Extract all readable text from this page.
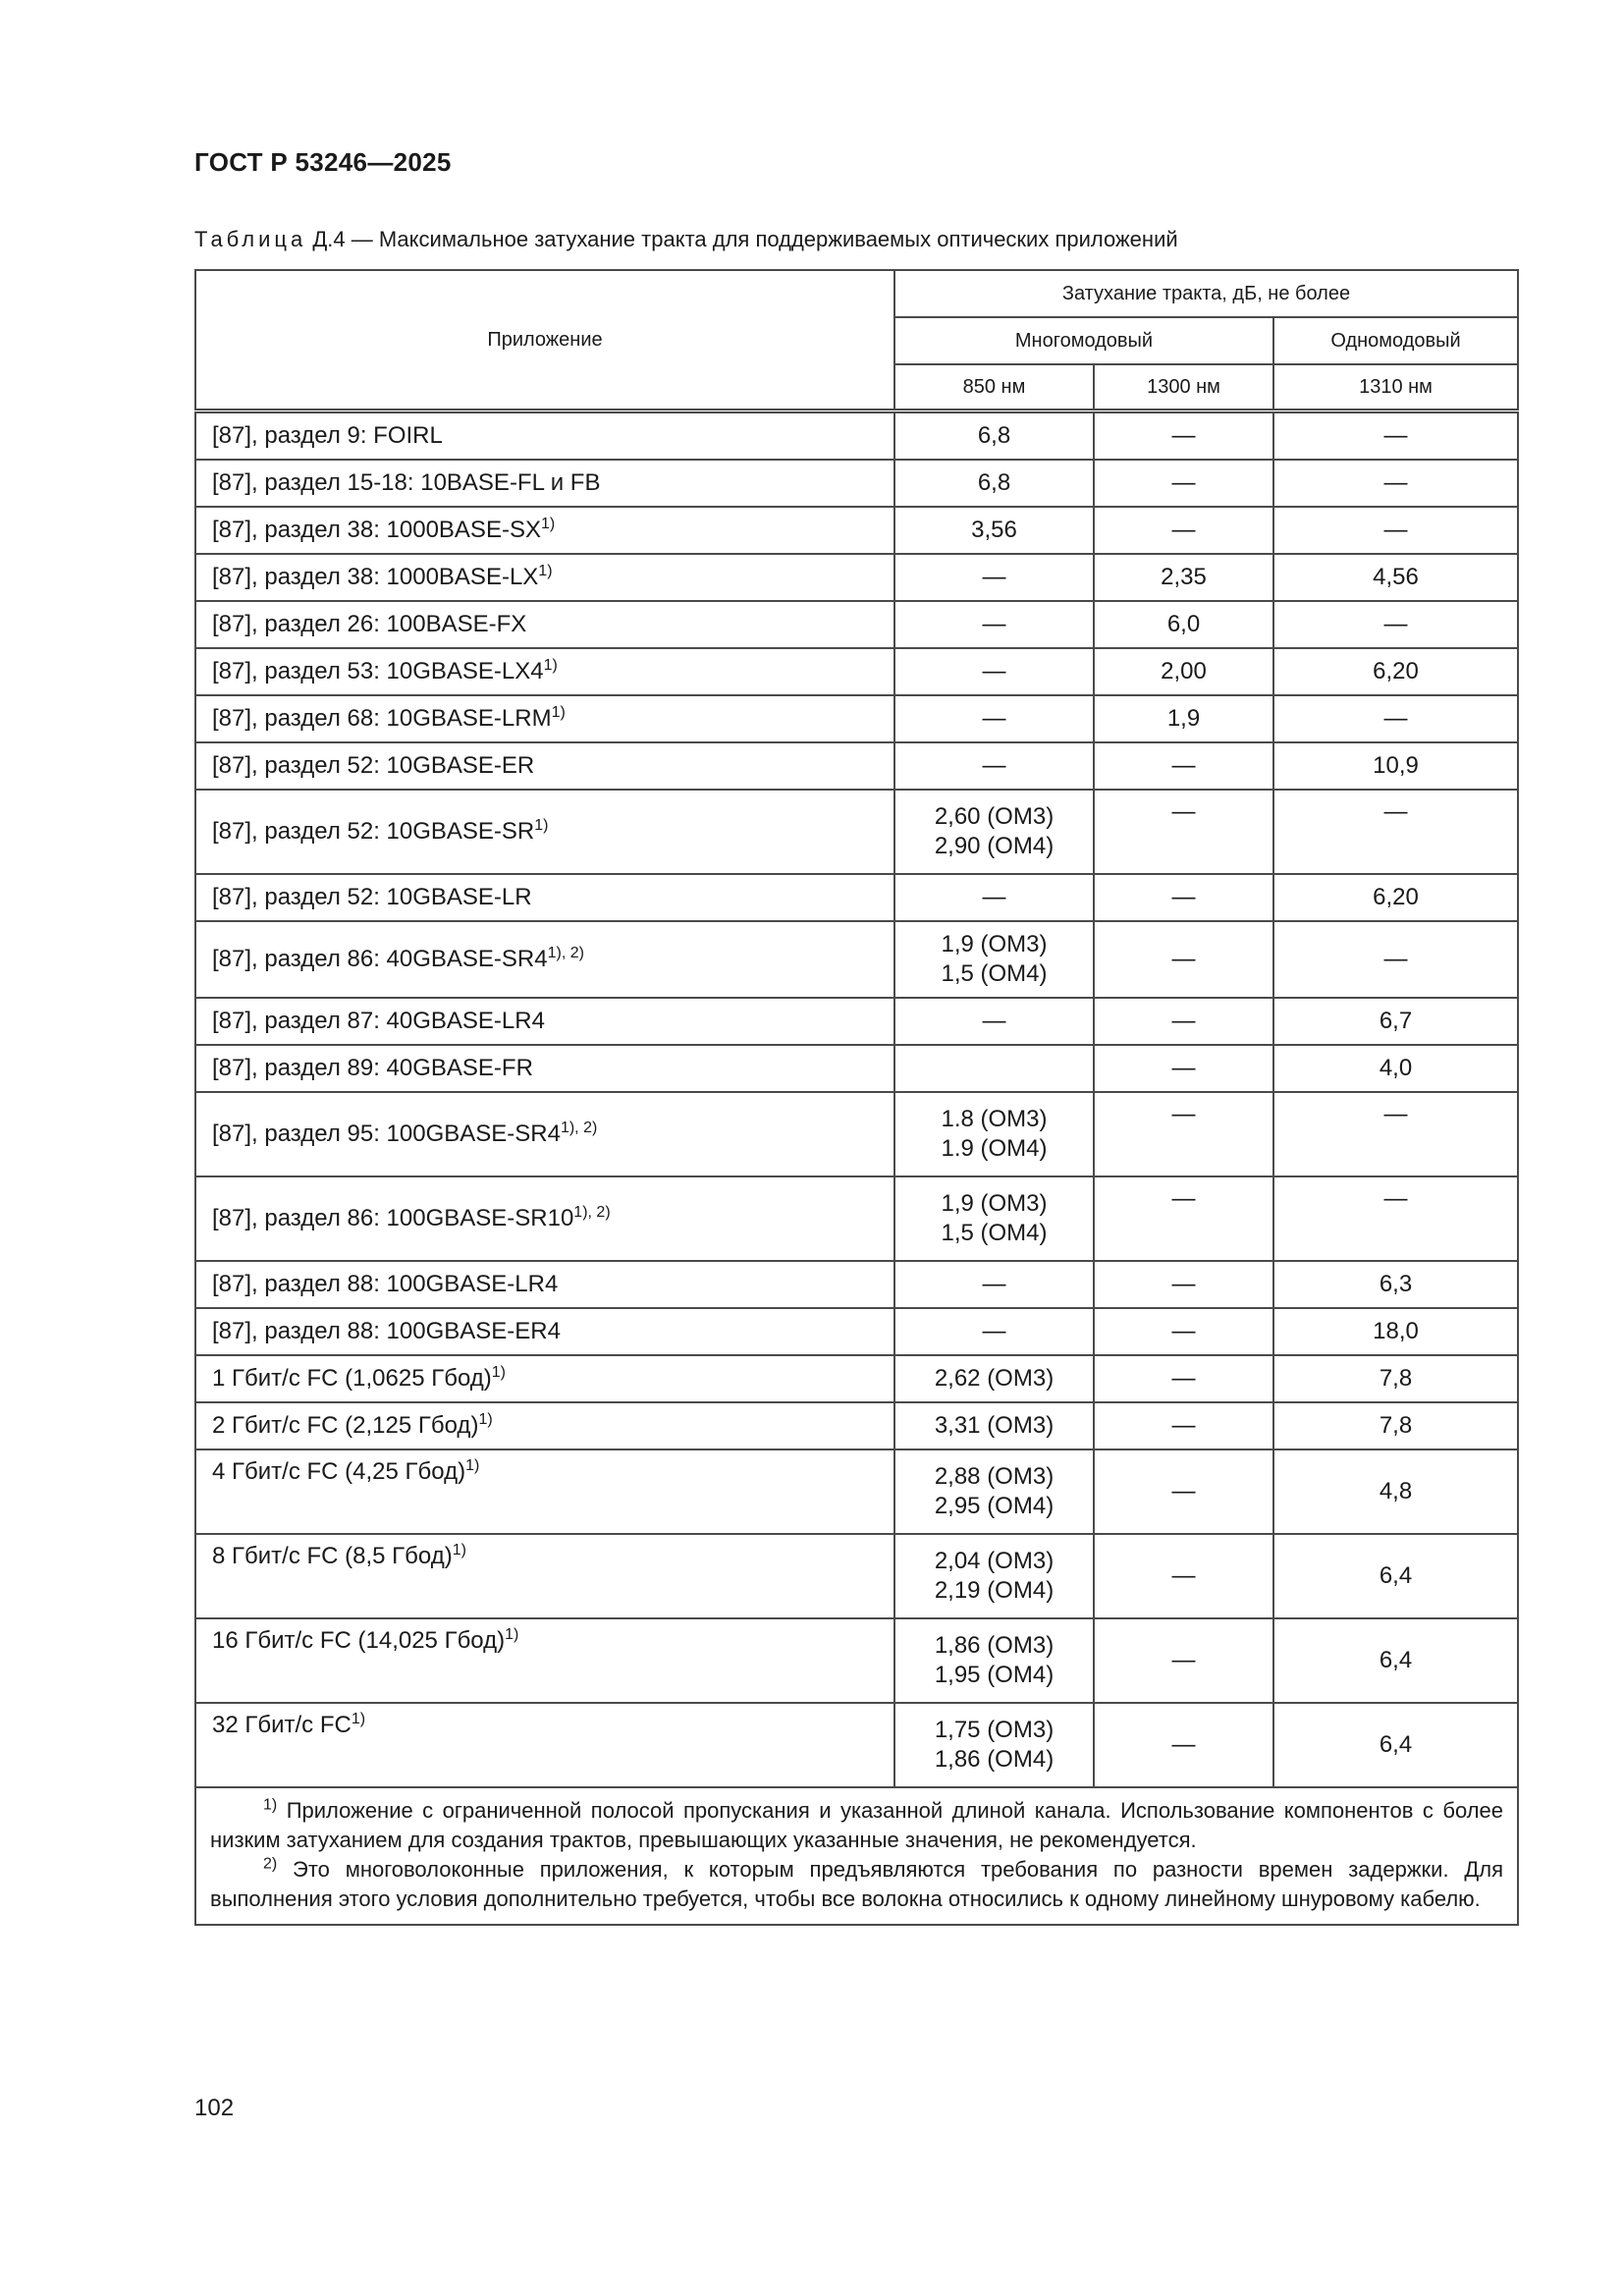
ГОСТ Р 53246—2025
Таблица Д.4 — Максимальное затухание тракта для поддерживаемых оптических приложений
Приложение	Затухание тракта, дБ, не более		
	Многомодовый		Одномодовый
	850 нм	1300 нм	1310 нм
[87], раздел 9: FOIRL	6,8	—	—
[87], раздел 15-18: 10BASE-FL и FB	6,8	—	—
[87], раздел 38: 1000BASE-SX$^{1)}$	3,56	—	—
[87], раздел 38: 1000BASE-LX$^{1)}$	—	2,35	4,56
[87], раздел 26: 100BASE-FX	—	6,0	—
[87], раздел 53: 10GBASE-LX4$^{1)}$	—	2,00	6,20
[87], раздел 68: 10GBASE-LRM$^{1)}$	—	1,9	—
[87], раздел 52: 10GBASE-ER	—	—	10,9
[87], раздел 52: 10GBASE-SR$^{1)}$	2,60 (ОМ3)
2,90 (ОМ4)	—	—
[87], раздел 52: 10GBASE-LR	—	—	6,20
[87], раздел 86: $40GBASE-SR4^{1), 2)}$	1,9 (ОМ3)
1,5 (ОМ4)	—	—
[87], раздел 87: 40GBASE-LR4	—	—	6,7
[87], раздел 89: 40GBASE-FR		—	4,0
[87], раздел 95: $100GBASE-SR4^{1), 2)}$	1.8 (ОМ3)
1.9 (ОМ4)	—	—
[87], раздел 86: $100GBASE-SR10^{1), 2)}$	1,9 (ОМ3)
1,5 (ОМ4)	—	—
[87], раздел 88: 100GBASE-LR4	—	—	6,3
[87], раздел 88: 100GBASE-ER4	—	—	18,0
1 Гбит/с FC (1,0625 Гбод)$^{1)}$	2,62 (ОМ3)	—	7,8
2 Гбит/с FC (2,125 Гбод)$^{1)}$	3,31 (ОМ3)	—	7,8
4 Гбит/с FC (4,25 Гбод)$^{1)}$	2,88 (ОМ3)
2,95 (ОМ4)	—	4,8
8 Гбит/с FC (8,5 Гбод)$^{1)}$	2,04 (ОМ3)
2,19 (ОМ4)	—	6,4
16 Гбит/с FC (14,025 Гбод)$^{1)}$	1,86 (ОМ3)
1,95 (ОМ4)	—	6,4
32 Гбит/с FC$^{1)}$	1,75 (ОМ3)
1,86 (ОМ4)	—	6,4

$^{1)}$ Приложение с ограниченной полосой пропускания и указанной длиной канала. Использование компонентов с более низким затуханием для создания трактов, превышающих указанные значения, не рекомендуется.
$^{2)}$ Это многоволоконные приложения, к которым предъявляются требования по разности времен задержки. Для выполнения этого условия дополнительно требуется, чтобы все волокна относились к одному линейному шнуровому кабелю.			
102
